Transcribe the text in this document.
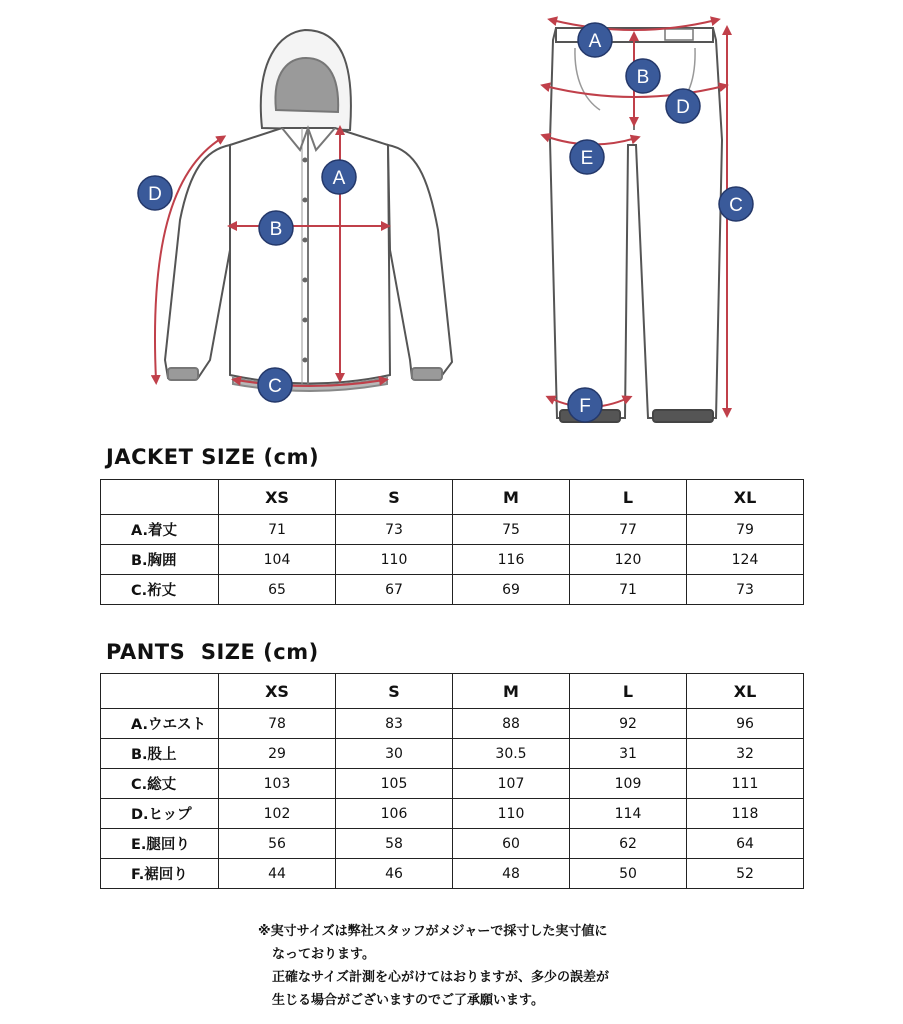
A
B
C
D
A
B
C
D
E
F
JACKET SIZE (cm)
	XS	S	M	L	XL
A.着丈	71	73	75	77	79
B.胸囲	104	110	116	120	124
C.裄丈	65	67	69	71	73
PANTS  SIZE (cm)
	XS	S	M	L	XL
A.ウエスト	78	83	88	92	96
B.股上	29	30	30.5	31	32
C.総丈	103	105	107	109	111
D.ヒップ	102	106	110	114	118
E.腿回り	56	58	60	62	64
F.裾回り	44	46	48	50	52
※実寸サイズは弊社スタッフがメジャーで採寸した実寸値に
なっております。
正確なサイズ計測を心がけてはおりますが、多少の誤差が
生じる場合がございますのでご了承願います。
